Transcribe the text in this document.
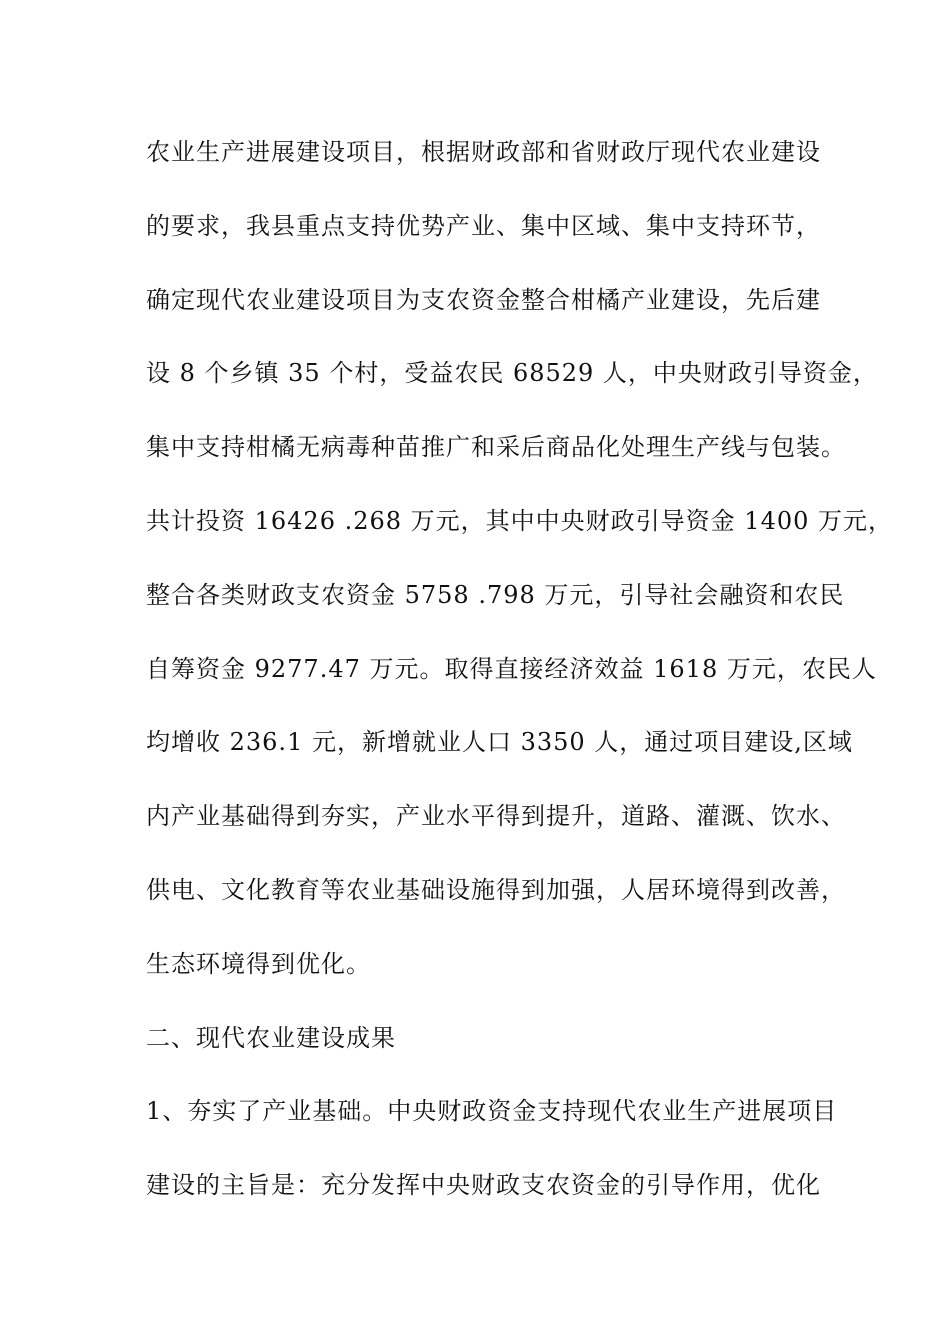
农业生产进展建设项目，根据财政部和省财政厅现代农业建设
的要求，我县重点支持优势产业、集中区域、集中支持环节，
确定现代农业建设项目为支农资金整合柑橘产业建设，先后建
设 8 个乡镇 35 个村，受益农民 68529 人，中央财政引导资金，
集中支持柑橘无病毒种苗推广和采后商品化处理生产线与包装。
共计投资 16426 .268 万元，其中中央财政引导资金 1400 万元，
整合各类财政支农资金 5758 .798 万元，引导社会融资和农民
自筹资金 9277.47 万元。取得直接经济效益 1618 万元，农民人
均增收 236.1 元，新增就业人口 3350 人，通过项目建设,区域
内产业基础得到夯实，产业水平得到提升，道路、灌溉、饮水、
供电、文化教育等农业基础设施得到加强，人居环境得到改善，
生态环境得到优化。
二、现代农业建设成果
1、夯实了产业基础。中央财政资金支持现代农业生产进展项目
建设的主旨是：充分发挥中央财政支农资金的引导作用，优化
